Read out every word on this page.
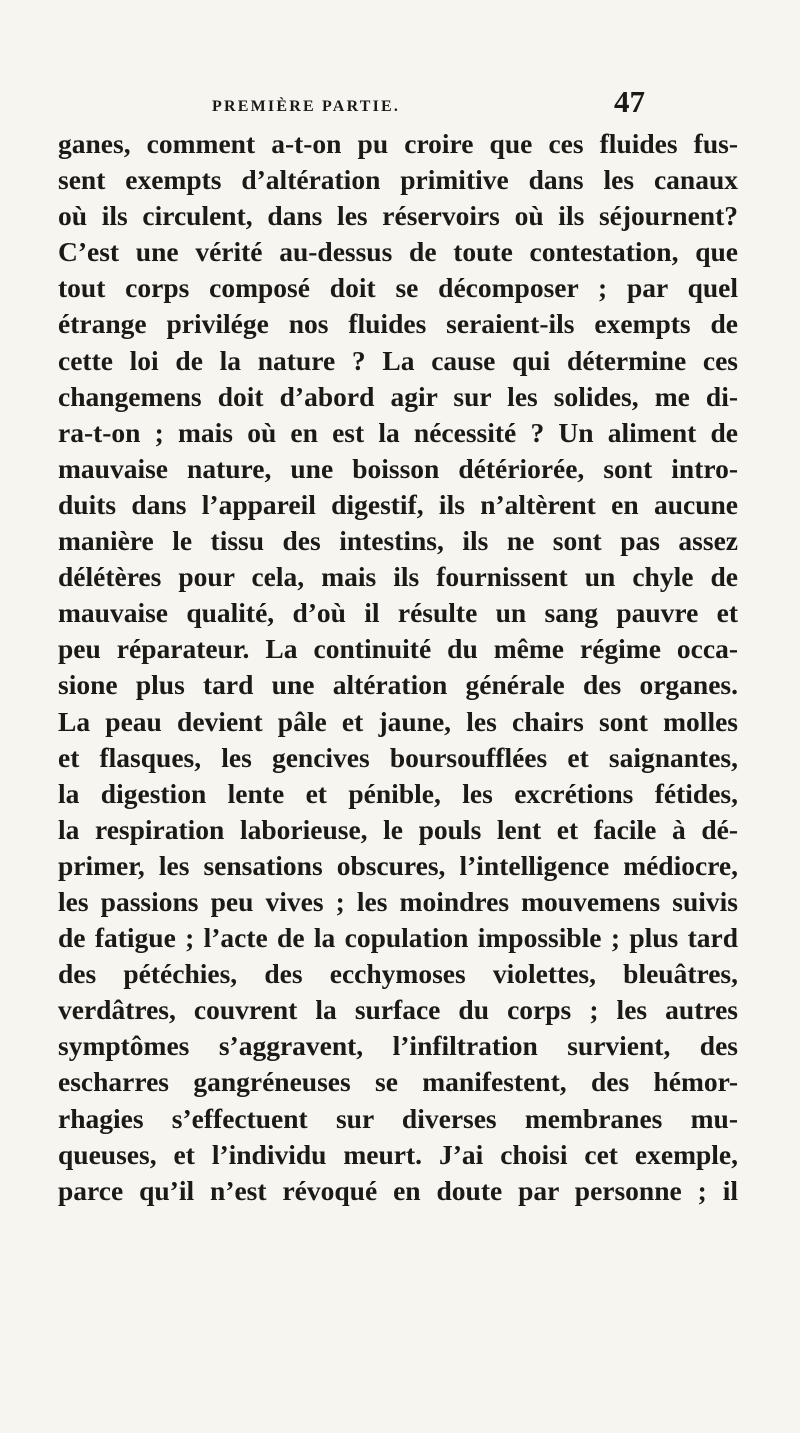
PREMIÈRE PARTIE.	47
ganes, comment a-t-on pu croire que ces fluides fus-
sent exempts d’altération primitive dans les canaux
où ils circulent, dans les réservoirs où ils séjournent?
C’est une vérité au-dessus de toute contestation, que
tout corps composé doit se décomposer ; par quel
étrange privilége nos fluides seraient-ils exempts de
cette loi de la nature ? La cause qui détermine ces
changemens doit d’abord agir sur les solides, me di-
ra-t-on ; mais où en est la nécessité ? Un aliment de
mauvaise nature, une boisson détériorée, sont intro-
duits dans l’appareil digestif, ils n’altèrent en aucune
manière le tissu des intestins, ils ne sont pas assez
délétères pour cela, mais ils fournissent un chyle de
mauvaise qualité, d’où il résulte un sang pauvre et
peu réparateur. La continuité du même régime occa-
sione plus tard une altération générale des organes.
La peau devient pâle et jaune, les chairs sont molles
et flasques, les gencives boursoufflées et saignantes,
la digestion lente et pénible, les excrétions fétides,
la respiration laborieuse, le pouls lent et facile à dé-
primer, les sensations obscures, l’intelligence médiocre,
les passions peu vives ; les moindres mouvemens suivis
de fatigue ; l’acte de la copulation impossible ; plus tard
des pétéchies, des ecchymoses violettes, bleuâtres,
verdâtres, couvrent la surface du corps ; les autres
symptômes s’aggravent, l’infiltration survient, des
escharres gangréneuses se manifestent, des hémor-
rhagies s’effectuent sur diverses membranes mu-
queuses, et l’individu meurt. J’ai choisi cet exemple,
parce qu’il n’est révoqué en doute par personne ; il
